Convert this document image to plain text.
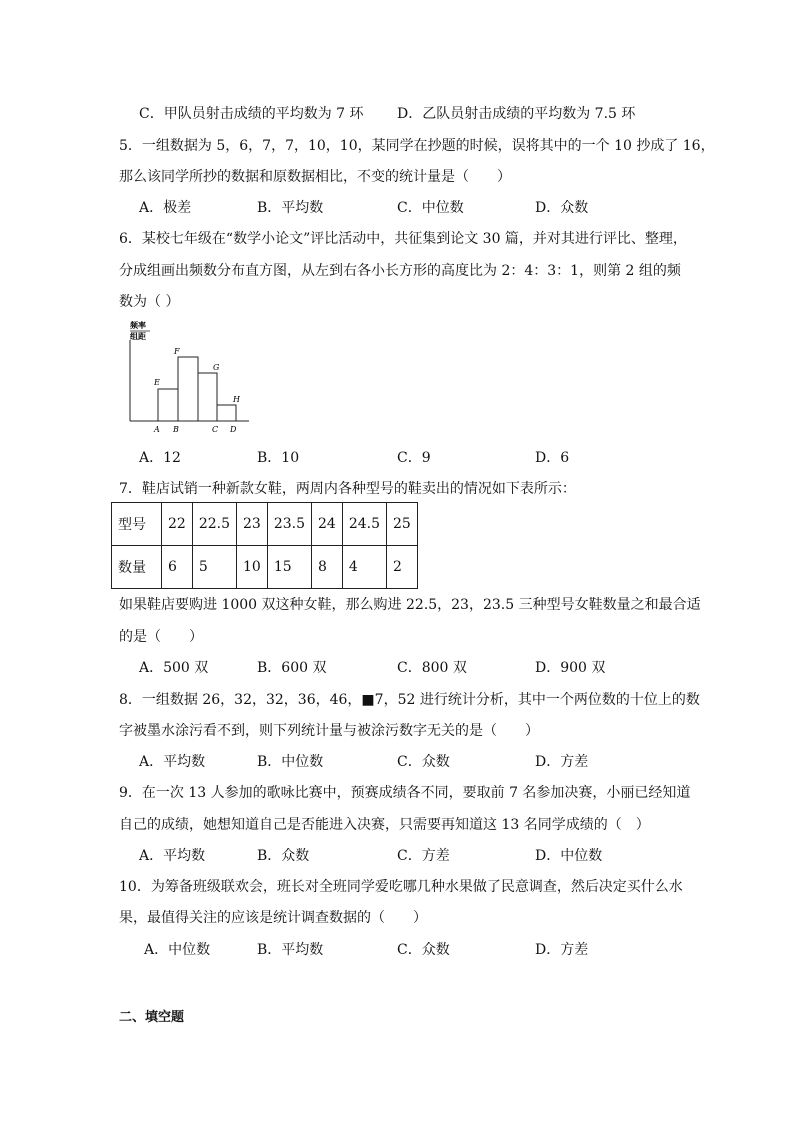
C．甲队员射击成绩的平均数为 7 环 D．乙队员射击成绩的平均数为 7.5 环
5．一组数据为 5，6，7，7，10，10，某同学在抄题的时候，误将其中的一个 10 抄成了 16，
那么该同学所抄的数据和原数据相比，不变的统计量是（　　）
A．极差	B．平均数	C．中位数	D．众数
6．某校七年级在“数学小论文”评比活动中，共征集到论文 30 篇，并对其进行评比、整理，
分成组画出频数分布直方图，从左到右各小长方形的高度比为 2：4：3：1，则第 2 组的频
数为（ ）
频率
组距
E
F
G
H
A B	C D
A．12	B．10	C．9	D．6
7．鞋店试销一种新款女鞋，两周内各种型号的鞋卖出的情况如下表所示：
型号	22	22.5	23	23.5	24	24.5	25
数量	6	5	10	15	8	4	2
如果鞋店要购进 1000 双这种女鞋，那么购进 22.5，23，23.5 三种型号女鞋数量之和最合适
的是（　　）
A．500 双	B．600 双	C．800 双	D．900 双
8．一组数据 26，32，32，36，46，■7，52 进行统计分析，其中一个两位数的十位上的数
字被墨水涂污看不到，则下列统计量与被涂污数字无关的是（　　）
A．平均数	B．中位数	C．众数	D．方差
9．在一次 13 人参加的歌咏比赛中，预赛成绩各不同，要取前 7 名参加决赛，小丽已经知道
自己的成绩，她想知道自己是否能进入决赛，只需要再知道这 13 名同学成绩的（　）
A．平均数	B．众数	C．方差	D．中位数
10．为筹备班级联欢会，班长对全班同学爱吃哪几种水果做了民意调查，然后决定买什么水
果，最值得关注的应该是统计调查数据的（　　）
A．中位数	B．平均数	C．众数	D．方差
二、填空题
